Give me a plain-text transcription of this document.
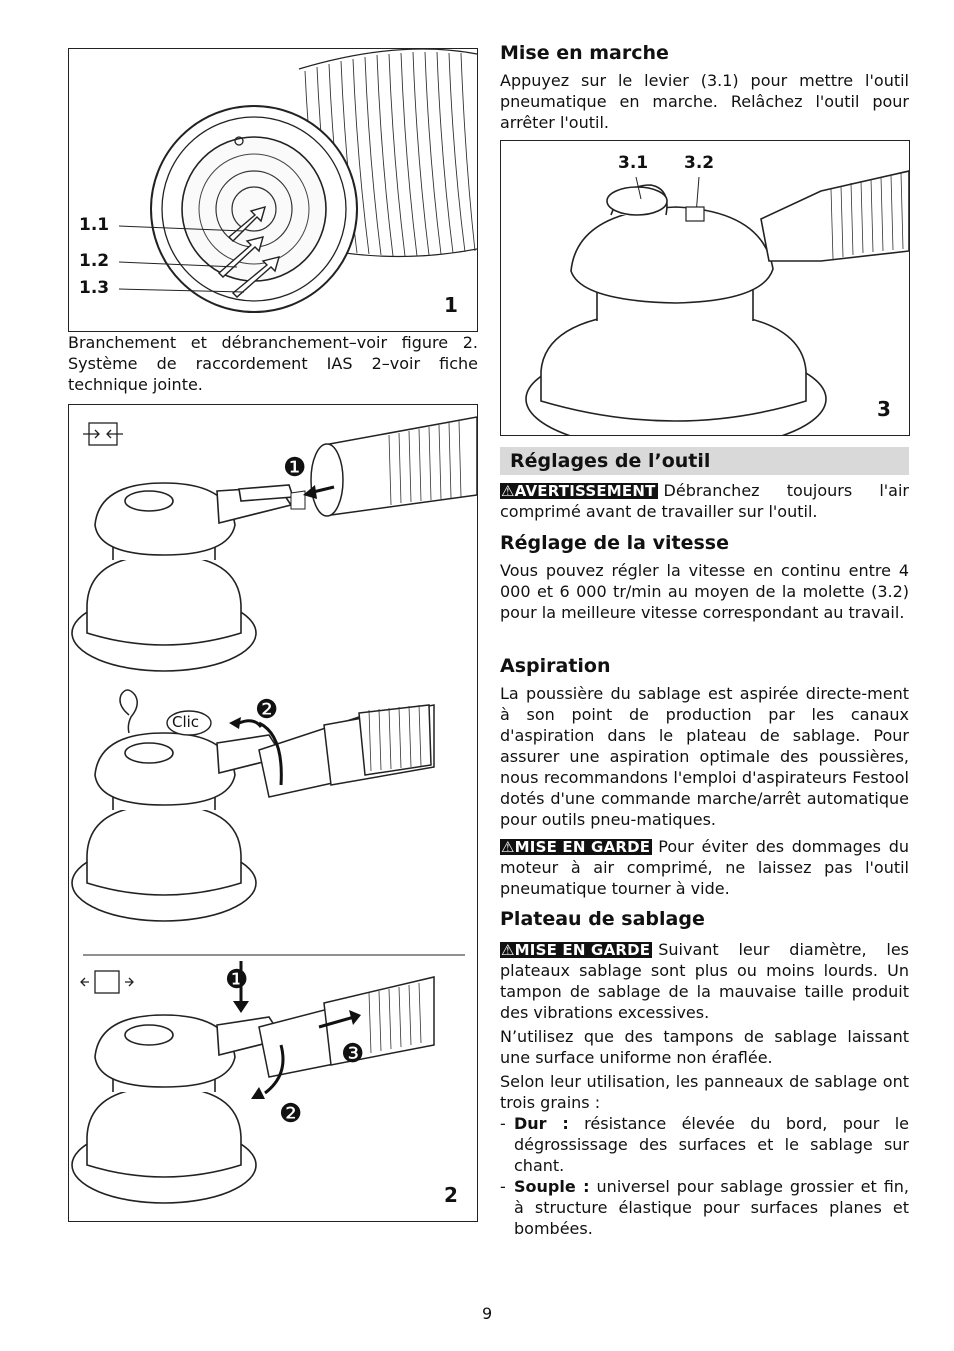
1.1
1.2
1.3
1
Branchement et débranchement–voir figure 2. Système de raccordement IAS 2–voir fiche technique jointe.
❶
❷
Clic
❶
❷
❸
2
Mise en marche
Appuyez sur le levier (3.1) pour mettre l'outil pneumatique en marche. Relâchez l'outil pour arrêter l'outil.
3.1 3.2
3
Réglages de l’outil
⚠AVERTISSEMENT Débranchez toujours l'air comprimé avant de travailler sur l'outil.
Réglage de la vitesse
Vous pouvez régler la vitesse en continu entre 4 000 et 6 000 tr/min au moyen de la molette (3.2) pour la meilleure vitesse correspondant au travail.
Aspiration
La poussière du sablage est aspirée directe-ment à son point de production par les canaux d'aspiration dans le plateau de sablage. Pour assurer une aspiration optimale des poussières, nous recommandons l'emploi d'aspirateurs Festool dotés d'une commande marche/arrêt automatique pour outils pneu-matiques.
⚠MISE EN GARDE Pour éviter des dommages du moteur à air comprimé, ne laissez pas l'outil pneumatique tourner à vide.
Plateau de sablage
⚠MISE EN GARDE Suivant leur diamètre, les plateaux sablage sont plus ou moins lourds. Un tampon de sablage de la mauvaise taille produit des vibrations excessives.
N’utilisez que des tampons de sablage laissant une surface uniforme non éraflée.
Selon leur utilisation, les panneaux de sablage ont trois grains :
- Dur : résistance élevée du bord, pour le dégrossissage des surfaces et le sablage sur chant.
- Souple : universel pour sablage grossier et fin, à structure élastique pour surfaces planes et bombées.
9
